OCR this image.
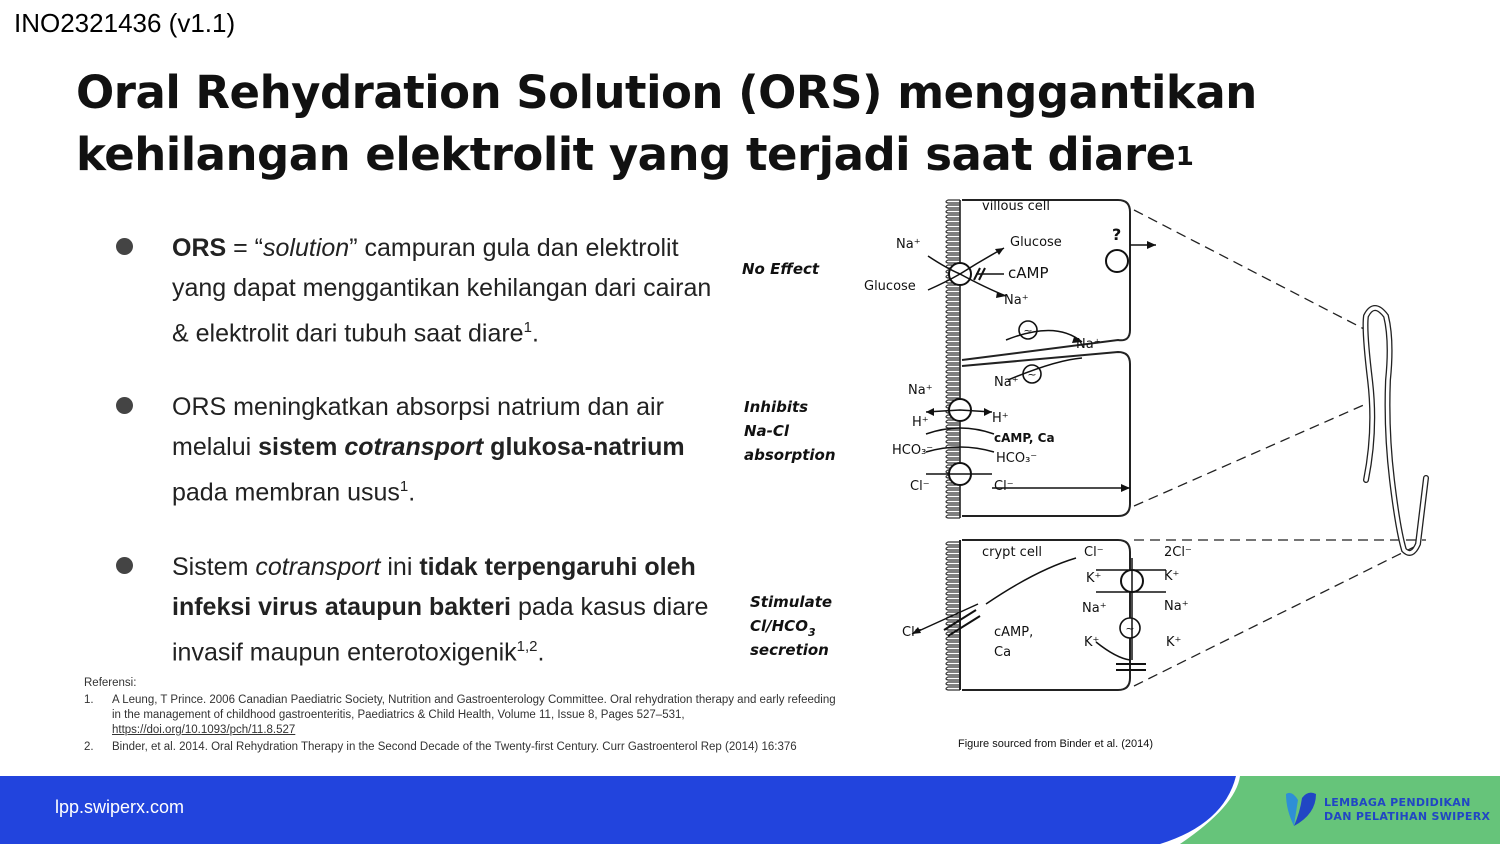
INO2321436 (v1.1)
Oral Rehydration Solution (ORS) menggantikan
kehilangan elektrolit yang terjadi saat diare$^1$
ORS = “solution” campuran gula dan elektrolit yang dapat menggantikan kehilangan dari cairan & elektrolit dari tubuh saat diare$^1$.
ORS meningkatkan absorpsi natrium dan air melalui sistem cotransport glukosa-natrium pada membran usus$^1$.
Sistem cotransport ini tidak terpengaruhi oleh infeksi virus ataupun bakteri pada kasus diare invasif maupun enterotoxigenik$^{1,2}$.
No Effect
Inhibits
Na-Cl
absorption
Stimulate
$Cl/HCO_3$
secretion
~
~
~
villous cell
Na⁺	Glucose	?
cAMP
Glucose
Na⁺
Na⁺
Na⁺
Na⁺
H⁺	H⁺
cAMP, Ca
HCO₃⁻
HCO₃⁻
Cl⁻	Cl⁻
crypt cell	Cl⁻	2Cl⁻
K⁺	K⁺
Na⁺	Na⁺
Cl⁻	cAMP,
Ca
K⁺	K⁺
Figure sourced from Binder et al. (2014)

Referensi:

1. A Leung, T Prince. 2006 Canadian Paediatric Society, Nutrition and Gastroenterology Committee. Oral rehydration therapy and early refeeding in the management of childhood gastroenteritis, Paediatrics & Child Health, Volume 11, Issue 8, Pages 527–531,
https://doi.org/10.1093/pch/11.8.527
2. Binder, et al. 2014. Oral Rehydration Therapy in the Second Decade of the Twenty-first Century. Curr Gastroenterol Rep (2014) 16:376
lpp.swiperx.com	LEMBAGA PENDIDIKAN
DAN PELATIHAN SWIPERX
